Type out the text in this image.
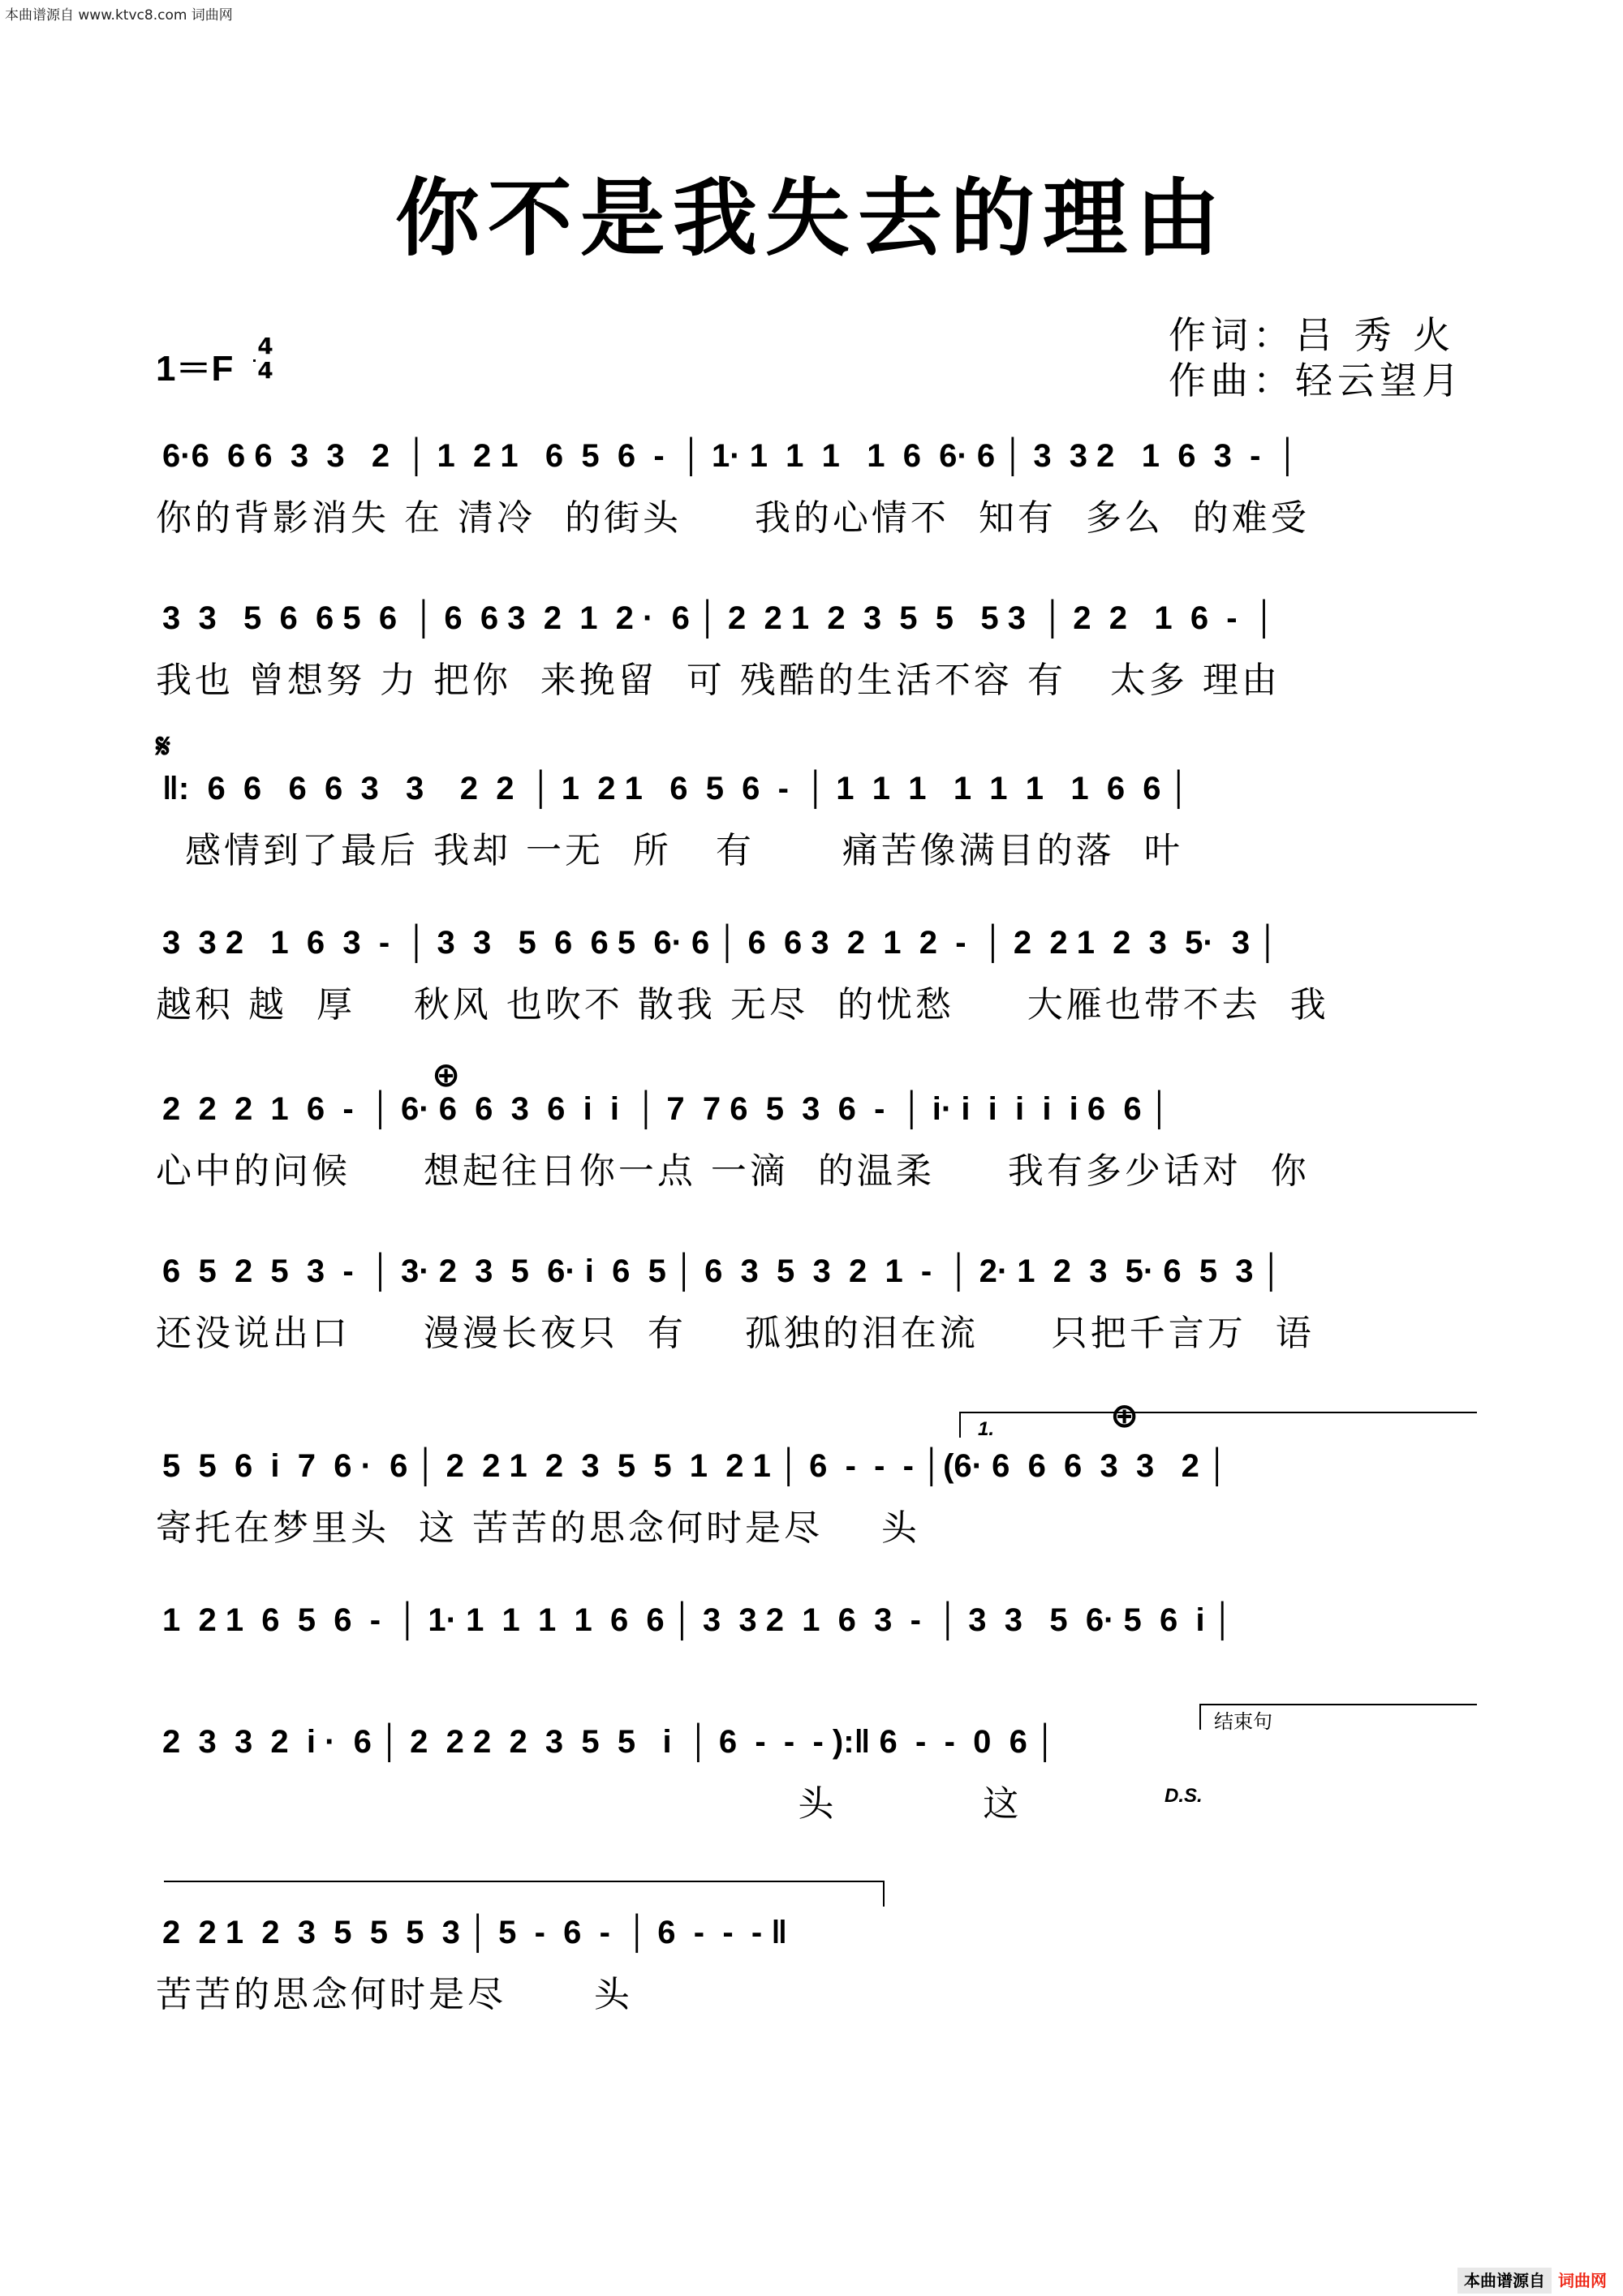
本曲谱源自 www.ktvc8.com 词曲网
你不是我失去的理由
1＝F
4
4
作词：吕 秀 火
作曲：轻云望月
6·6  6 6  3  3   2  │ 1  2 1   6  5  6  -  │ 1· 1  1  1   1  6  6· 6 │ 3  3 2   1  6  3  -  │
你的背影消失 在 清冷  的街头     我的心情不  知有  多么  的难受
3  3   5  6  6 5  6  │ 6  6 3  2  1  2 ·  6 │ 2  2 1  2  3  5  5   5 3  │ 2  2   1  6  -  │
我也 曾想努 力 把你  来挽留  可 残酷的生活不容 有   太多 理由
‖:  6  6   6  6  3   3    2  2  │ 1  2 1   6  5  6  -  │ 1  1  1   1  1  1   1  6  6 │
感情到了最后 我却 一无  所   有      痛苦像满目的落  叶
3  3 2   1  6  3  -  │ 3  3   5  6  6 5  6· 6 │ 6  6 3  2  1  2  -  │ 2  2 1  2  3  5·  3 │
越积 越  厚    秋风 也吹不 散我 无尽  的忧愁     大雁也带不去  我
2  2  2  1  6  -  │ 6· 6  6  3  6  i  i  │ 7  7 6  5  3  6  -  │ i· i  i  i  i  i 6  6 │
心中的问候     想起往日你一点 一滴  的温柔     我有多少话对  你
6  5  2  5  3  -  │ 3· 2  3  5  6· i  6  5 │ 6  3  5  3  2  1  -  │ 2· 1  2  3  5· 6  5  3 │
还没说出口     漫漫长夜只  有    孤独的泪在流     只把千言万  语
5  5  6  i  7  6 ·  6 │ 2  2 1  2  3  5  5  1  2 1 │ 6  -  -  - │(6· 6  6  6  3  3   2 │
寄托在梦里头  这 苦苦的思念何时是尽    头
1  2 1  6  5  6  -  │ 1· 1  1  1  1  6  6 │ 3  3 2  1  6  3  -  │ 3  3   5  6· 5  6  i │
2  3  3  2  i ·  6 │ 2  2 2  2  3  5  5   i  │ 6  -  -  - ):‖ 6  -  -  0  6 │
头          这
2  2 1  2  3  5  5  5  3 │ 5  -  6  -  │ 6  -  -  - ‖
苦苦的思念何时是尽      头
𝄋
⊕
⊕
1.
D.S.
结束句
本曲谱源自 词曲网
